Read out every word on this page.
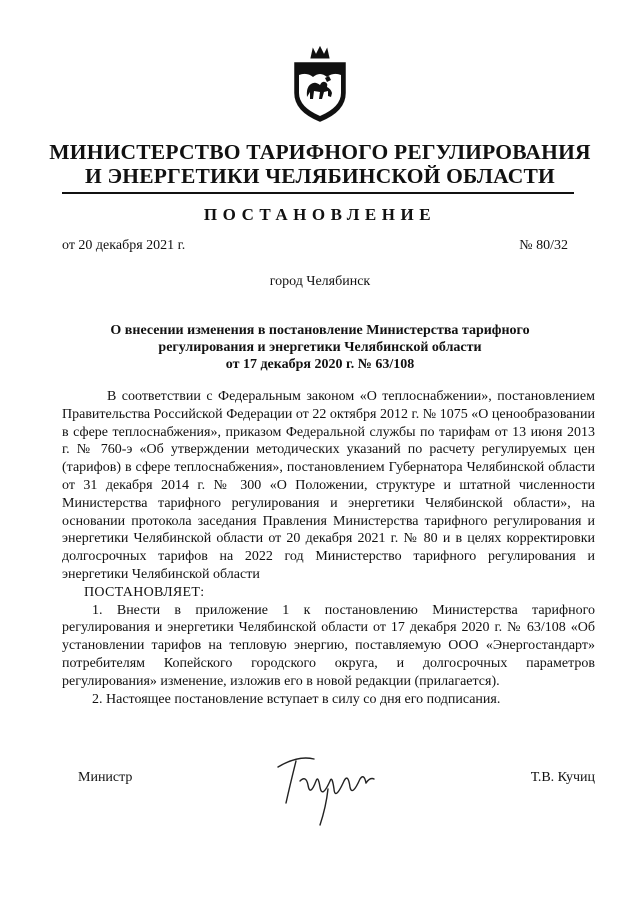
МИНИСТЕРСТВО ТАРИФНОГО РЕГУЛИРОВАНИЯ
И ЭНЕРГЕТИКИ ЧЕЛЯБИНСКОЙ ОБЛАСТИ
ПОСТАНОВЛЕНИЕ
от 20 декабря 2021 г.	№ 80/32
город Челябинск
О внесении изменения в постановление Министерства тарифного
регулирования и энергетики Челябинской области
от 17 декабря 2020 г. № 63/108

В соответствии с Федеральным законом «О теплоснабжении», постановлением Правительства Российской Федерации от 22 октября 2012 г. № 1075 «О ценообразовании в сфере теплоснабжения», приказом Федеральной службы по тарифам от 13 июня 2013 г. № 760-э «Об утверждении методических указаний по расчету регулируемых цен (тарифов) в сфере теплоснабжения», постановлением Губернатора Челябинской области от 31 декабря 2014 г. № 300 «О Положении, структуре и штатной численности Министерства тарифного регулирования и энергетики Челябинской области», на основании протокола заседания Правления Министерства тарифного регулирования и энергетики Челябинской области от 20 декабря 2021 г. № 80 и в целях корректировки долгосрочных тарифов на 2022 год Министерство тарифного регулирования и энергетики Челябинской области

ПОСТАНОВЛЯЕТ:

1. Внести в приложение 1 к постановлению Министерства тарифного регулирования и энергетики Челябинской области от 17 декабря 2020 г. № 63/108 «Об установлении тарифов на тепловую энергию, поставляемую ООО «Энергостандарт» потребителям Копейского городского округа, и долгосрочных параметров регулирования» изменение, изложив его в новой редакции (прилагается).

2. Настоящее постановление вступает в силу со дня его подписания.

Министр	Т.В. Кучиц
